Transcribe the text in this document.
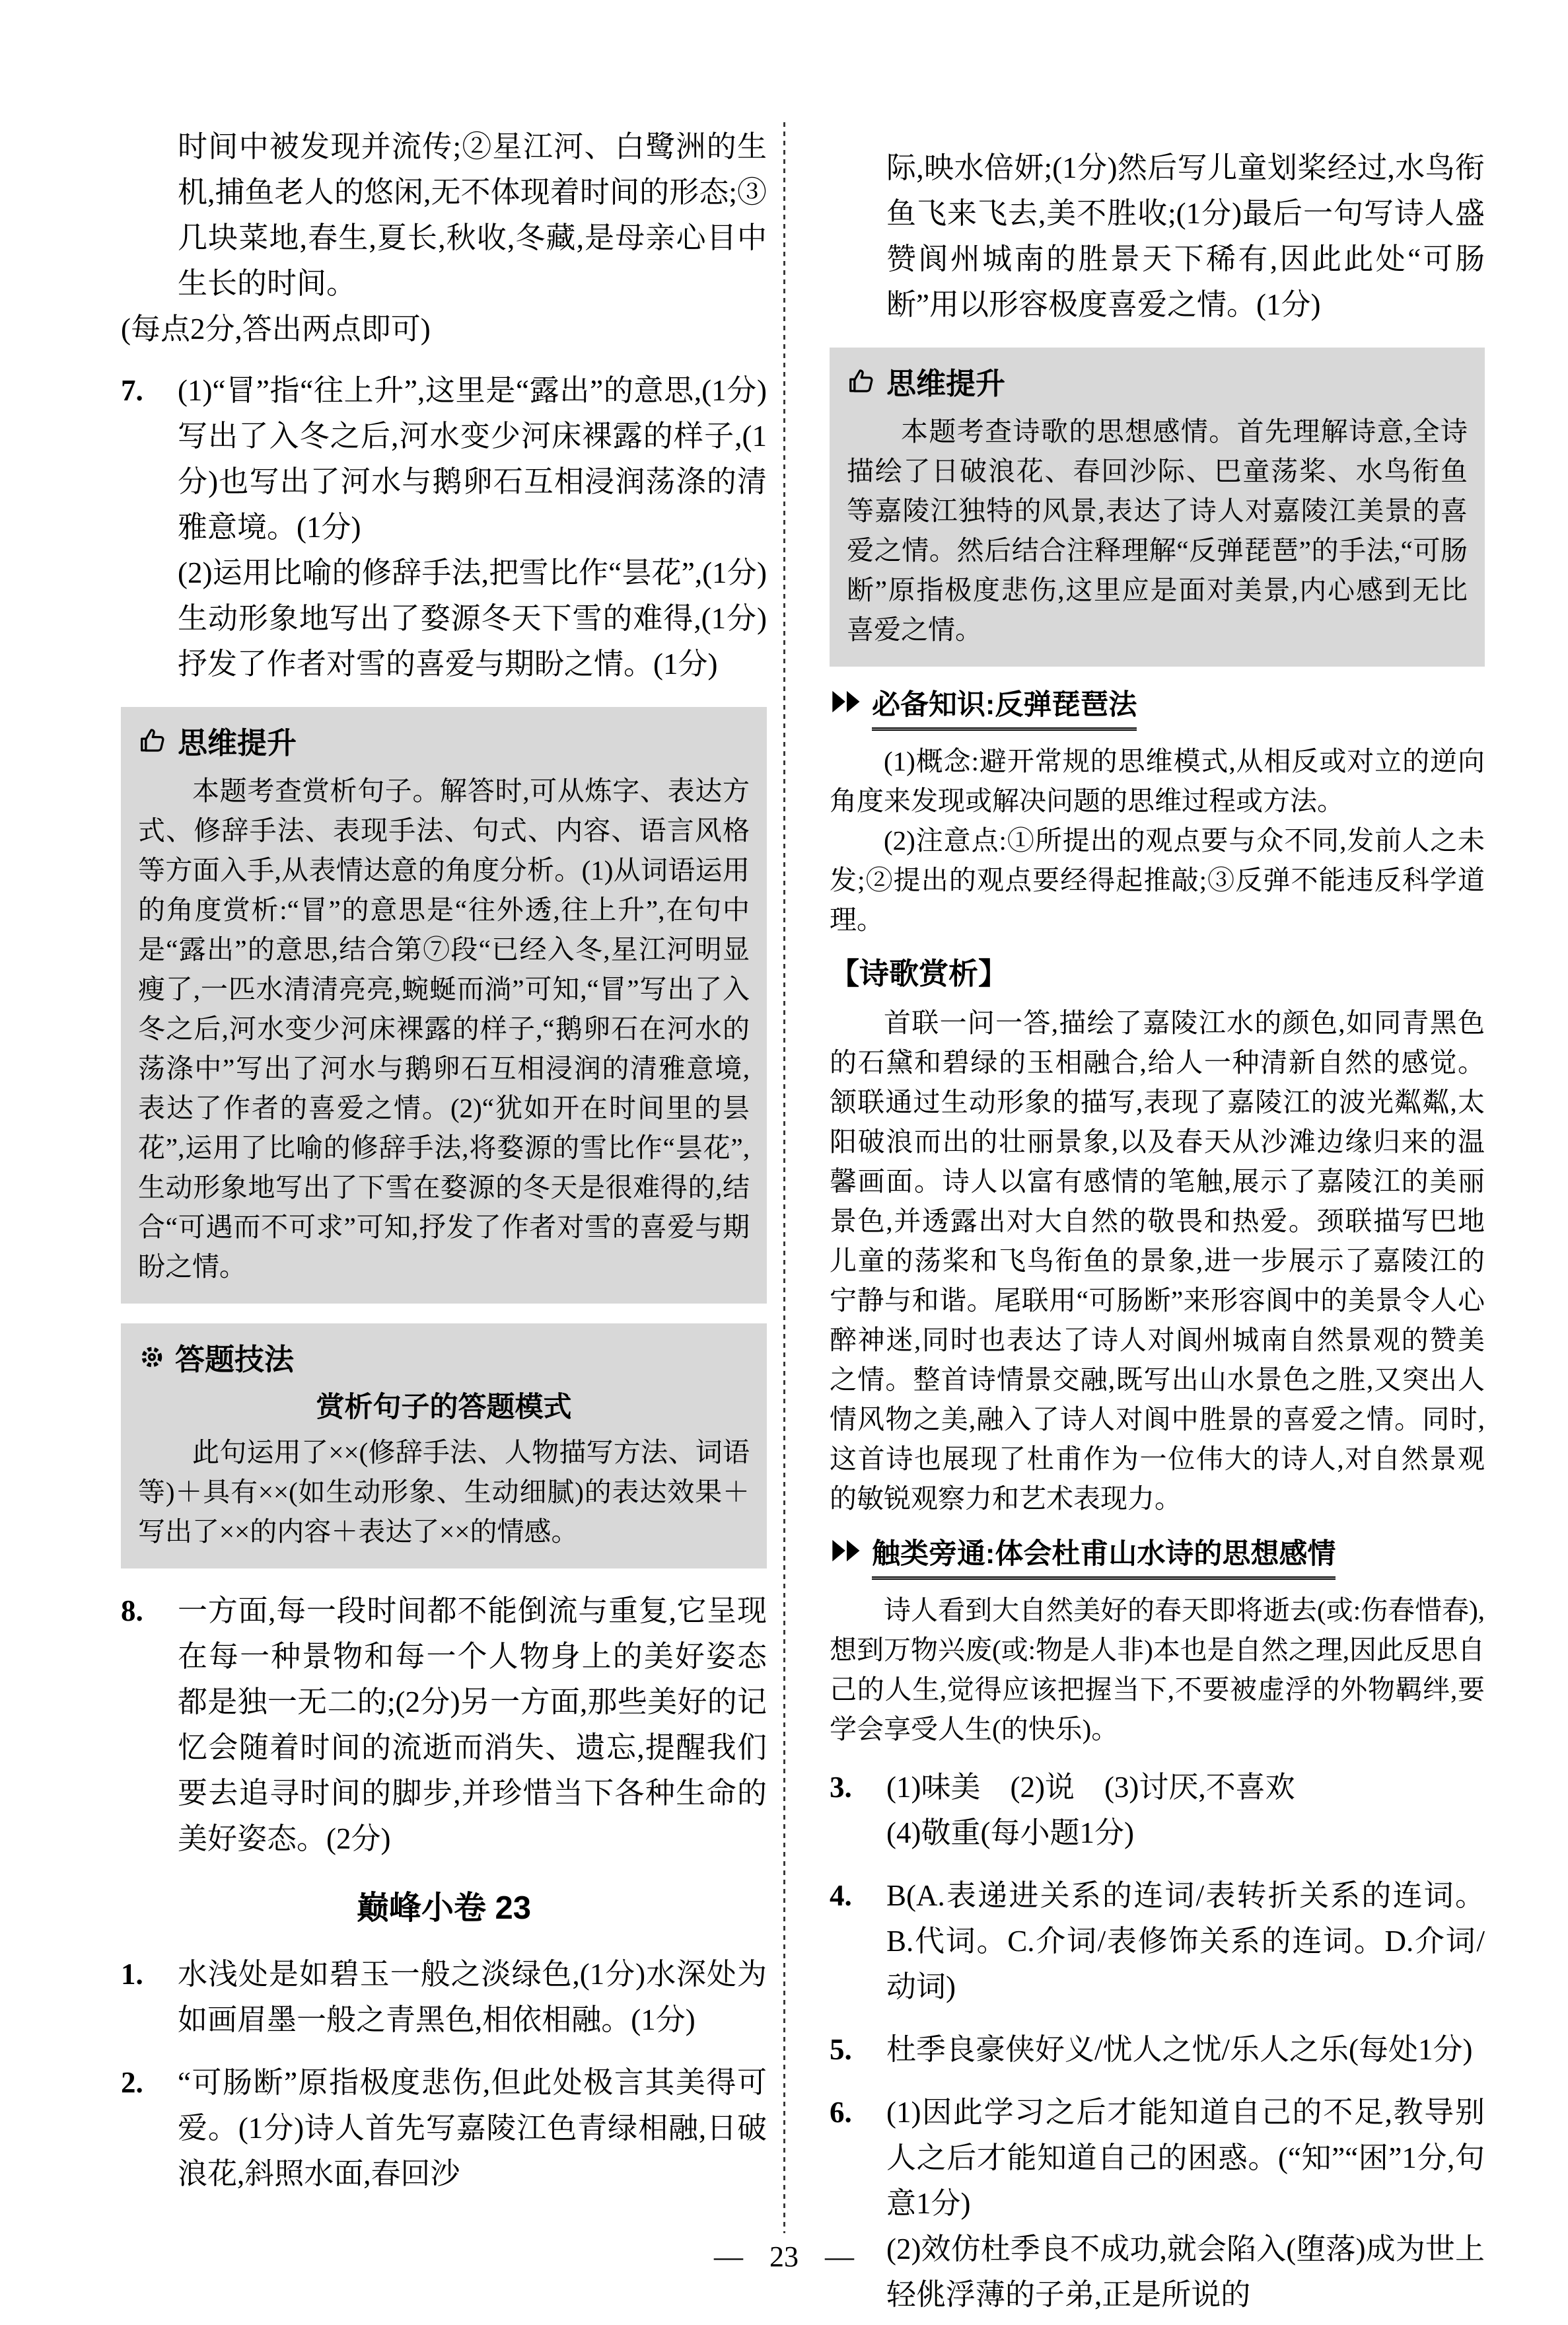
时间中被发现并流传;②星江河、白鹭洲的生机,捕鱼老人的悠闲,无不体现着时间的形态;③几块菜地,春生,夏长,秋收,冬藏,是母亲心目中生长的时间。
(每点2分,答出两点即可)
7.	(1)“冒”指“往上升”,这里是“露出”的意思,(1分)写出了入冬之后,河水变少河床裸露的样子,(1分)也写出了河水与鹅卵石互相浸润荡涤的清雅意境。(1分)
(2)运用比喻的修辞手法,把雪比作“昙花”,(1分)生动形象地写出了婺源冬天下雪的难得,(1分)抒发了作者对雪的喜爱与期盼之情。(1分)
思维提升
本题考查赏析句子。解答时,可从炼字、表达方式、修辞手法、表现手法、句式、内容、语言风格等方面入手,从表情达意的角度分析。(1)从词语运用的角度赏析:“冒”的意思是“往外透,往上升”,在句中是“露出”的意思,结合第⑦段“已经入冬,星江河明显瘦了,一匹水清清亮亮,蜿蜒而淌”可知,“冒”写出了入冬之后,河水变少河床裸露的样子,“鹅卵石在河水的荡涤中”写出了河水与鹅卵石互相浸润的清雅意境,表达了作者的喜爱之情。(2)“犹如开在时间里的昙花”,运用了比喻的修辞手法,将婺源的雪比作“昙花”,生动形象地写出了下雪在婺源的冬天是很难得的,结合“可遇而不可求”可知,抒发了作者对雪的喜爱与期盼之情。
答题技法
赏析句子的答题模式
此句运用了××(修辞手法、人物描写方法、词语等)＋具有××(如生动形象、生动细腻)的表达效果＋写出了××的内容＋表达了××的情感。
8.	一方面,每一段时间都不能倒流与重复,它呈现在每一种景物和每一个人物身上的美好姿态都是独一无二的;(2分)另一方面,那些美好的记忆会随着时间的流逝而消失、遗忘,提醒我们要去追寻时间的脚步,并珍惜当下各种生命的美好姿态。(2分)
巅峰小卷 23
1.	水浅处是如碧玉一般之淡绿色,(1分)水深处为如画眉墨一般之青黑色,相依相融。(1分)
2.	“可肠断”原指极度悲伤,但此处极言其美得可爱。(1分)诗人首先写嘉陵江色青绿相融,日破浪花,斜照水面,春回沙
际,映水倍妍;(1分)然后写儿童划桨经过,水鸟衔鱼飞来飞去,美不胜收;(1分)最后一句写诗人盛赞阆州城南的胜景天下稀有,因此此处“可肠断”用以形容极度喜爱之情。(1分)
思维提升
本题考查诗歌的思想感情。首先理解诗意,全诗描绘了日破浪花、春回沙际、巴童荡桨、水鸟衔鱼等嘉陵江独特的风景,表达了诗人对嘉陵江美景的喜爱之情。然后结合注释理解“反弹琵琶”的手法,“可肠断”原指极度悲伤,这里应是面对美景,内心感到无比喜爱之情。
必备知识:反弹琵琶法
(1)概念:避开常规的思维模式,从相反或对立的逆向角度来发现或解决问题的思维过程或方法。
(2)注意点:①所提出的观点要与众不同,发前人之未发;②提出的观点要经得起推敲;③反弹不能违反科学道理。
【诗歌赏析】
首联一问一答,描绘了嘉陵江水的颜色,如同青黑色的石黛和碧绿的玉相融合,给人一种清新自然的感觉。颔联通过生动形象的描写,表现了嘉陵江的波光粼粼,太阳破浪而出的壮丽景象,以及春天从沙滩边缘归来的温馨画面。诗人以富有感情的笔触,展示了嘉陵江的美丽景色,并透露出对大自然的敬畏和热爱。颈联描写巴地儿童的荡桨和飞鸟衔鱼的景象,进一步展示了嘉陵江的宁静与和谐。尾联用“可肠断”来形容阆中的美景令人心醉神迷,同时也表达了诗人对阆州城南自然景观的赞美之情。整首诗情景交融,既写出山水景色之胜,又突出人情风物之美,融入了诗人对阆中胜景的喜爱之情。同时,这首诗也展现了杜甫作为一位伟大的诗人,对自然景观的敏锐观察力和艺术表现力。
触类旁通:体会杜甫山水诗的思想感情
诗人看到大自然美好的春天即将逝去(或:伤春惜春),想到万物兴废(或:物是人非)本也是自然之理,因此反思自己的人生,觉得应该把握当下,不要被虚浮的外物羁绊,要学会享受人生(的快乐)。
3.	(1)味美　(2)说　(3)讨厌,不喜欢
(4)敬重(每小题1分)
4.	B(A.表递进关系的连词/表转折关系的连词。B.代词。C.介词/表修饰关系的连词。D.介词/动词)
5.	杜季良豪侠好义/忧人之忧/乐人之乐(每处1分)
6.	(1)因此学习之后才能知道自己的不足,教导别人之后才能知道自己的困惑。(“知”“困”1分,句意1分)
(2)效仿杜季良不成功,就会陷入(堕落)成为世上轻佻浮薄的子弟,正是所说的
— 23 —
